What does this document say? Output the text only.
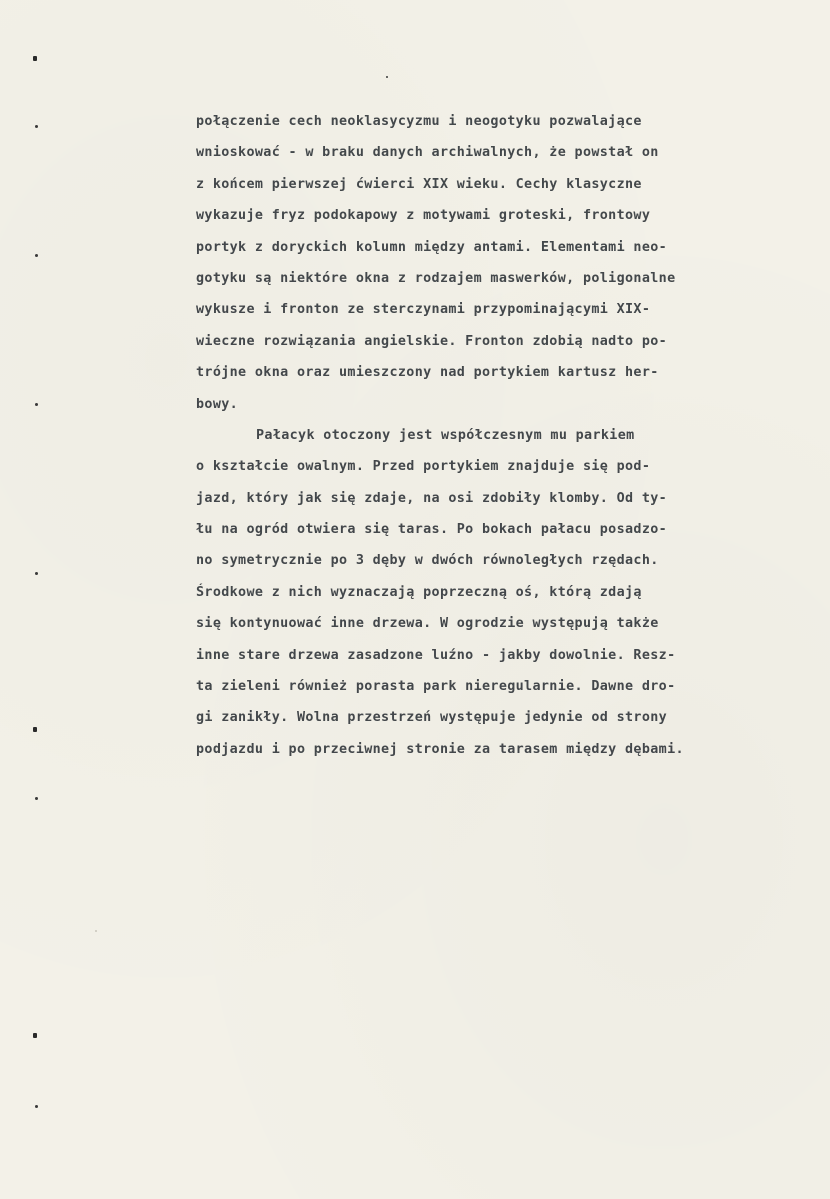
połączenie cech neoklasycyzmu i neogotyku pozwalające
wnioskować - w braku danych archiwalnych, że powstał on
z końcem pierwszej ćwierci XIX wieku. Cechy klasyczne
wykazuje fryz podokapowy z motywami groteski, frontowy
portyk z doryckich kolumn między antami. Elementami neo-
gotyku są niektóre okna z rodzajem maswerków, poligonalne
wykusze i fronton ze sterczynami przypominającymi XIX-
wieczne rozwiązania angielskie. Fronton zdobią nadto po-
trójne okna oraz umieszczony nad portykiem kartusz her-
bowy.
Pałacyk otoczony jest współczesnym mu parkiem
o kształcie owalnym. Przed portykiem znajduje się pod-
jazd, który jak się zdaje, na osi zdobiły klomby. Od ty-
łu na ogród otwiera się taras. Po bokach pałacu posadzo-
no symetrycznie po 3 dęby w dwóch równoległych rzędach.
Środkowe z nich wyznaczają poprzeczną oś, którą zdają
się kontynuować inne drzewa. W ogrodzie występują także
inne stare drzewa zasadzone luźno - jakby dowolnie. Resz-
ta zieleni również porasta park nieregularnie. Dawne dro-
gi zanikły. Wolna przestrzeń występuje jedynie od strony
podjazdu i po przeciwnej stronie za tarasem między dębami.
